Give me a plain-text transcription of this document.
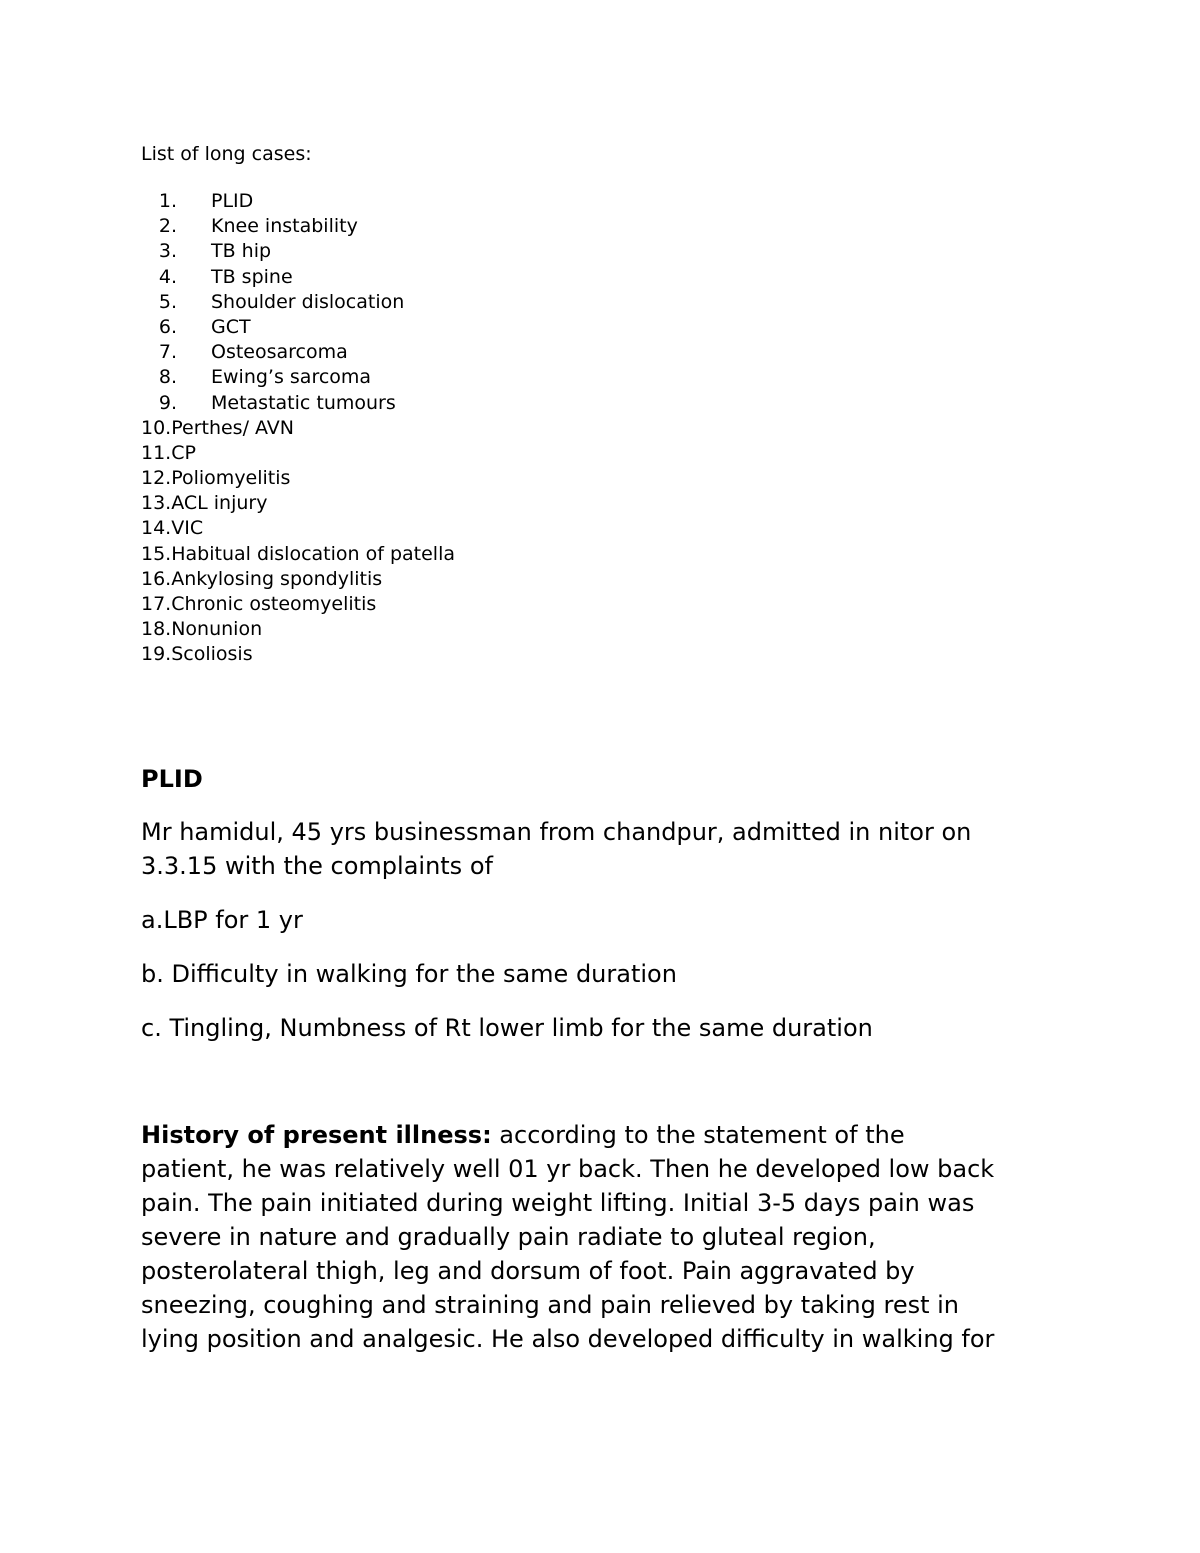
List of long cases:

1. PLID
2. Knee instability
3. TB hip
4. TB spine
5. Shoulder dislocation
6. GCT
7. Osteosarcoma
8. Ewing’s sarcoma
9. Metastatic tumours
10.Perthes/ AVN
11.CP
12.Poliomyelitis
13.ACL injury
14.VIC
15.Habitual dislocation of patella
16.Ankylosing spondylitis
17.Chronic osteomyelitis
18.Nonunion
19.Scoliosis
PLID

Mr hamidul, 45 yrs businessman from chandpur, admitted in nitor on
3.3.15 with the complaints of

a.LBP for 1 yr

b. Difficulty in walking for the same duration

c. Tingling, Numbness of Rt lower limb for the same duration

History of present illness: according to the statement of the
patient, he was relatively well 01 yr back. Then he developed low back
pain. The pain initiated during weight lifting. Initial 3-5 days pain was
severe in nature and gradually pain radiate to gluteal region,
posterolateral thigh, leg and dorsum of foot. Pain aggravated by
sneezing, coughing and straining and pain relieved by taking rest in
lying position and analgesic. He also developed difficulty in walking for
